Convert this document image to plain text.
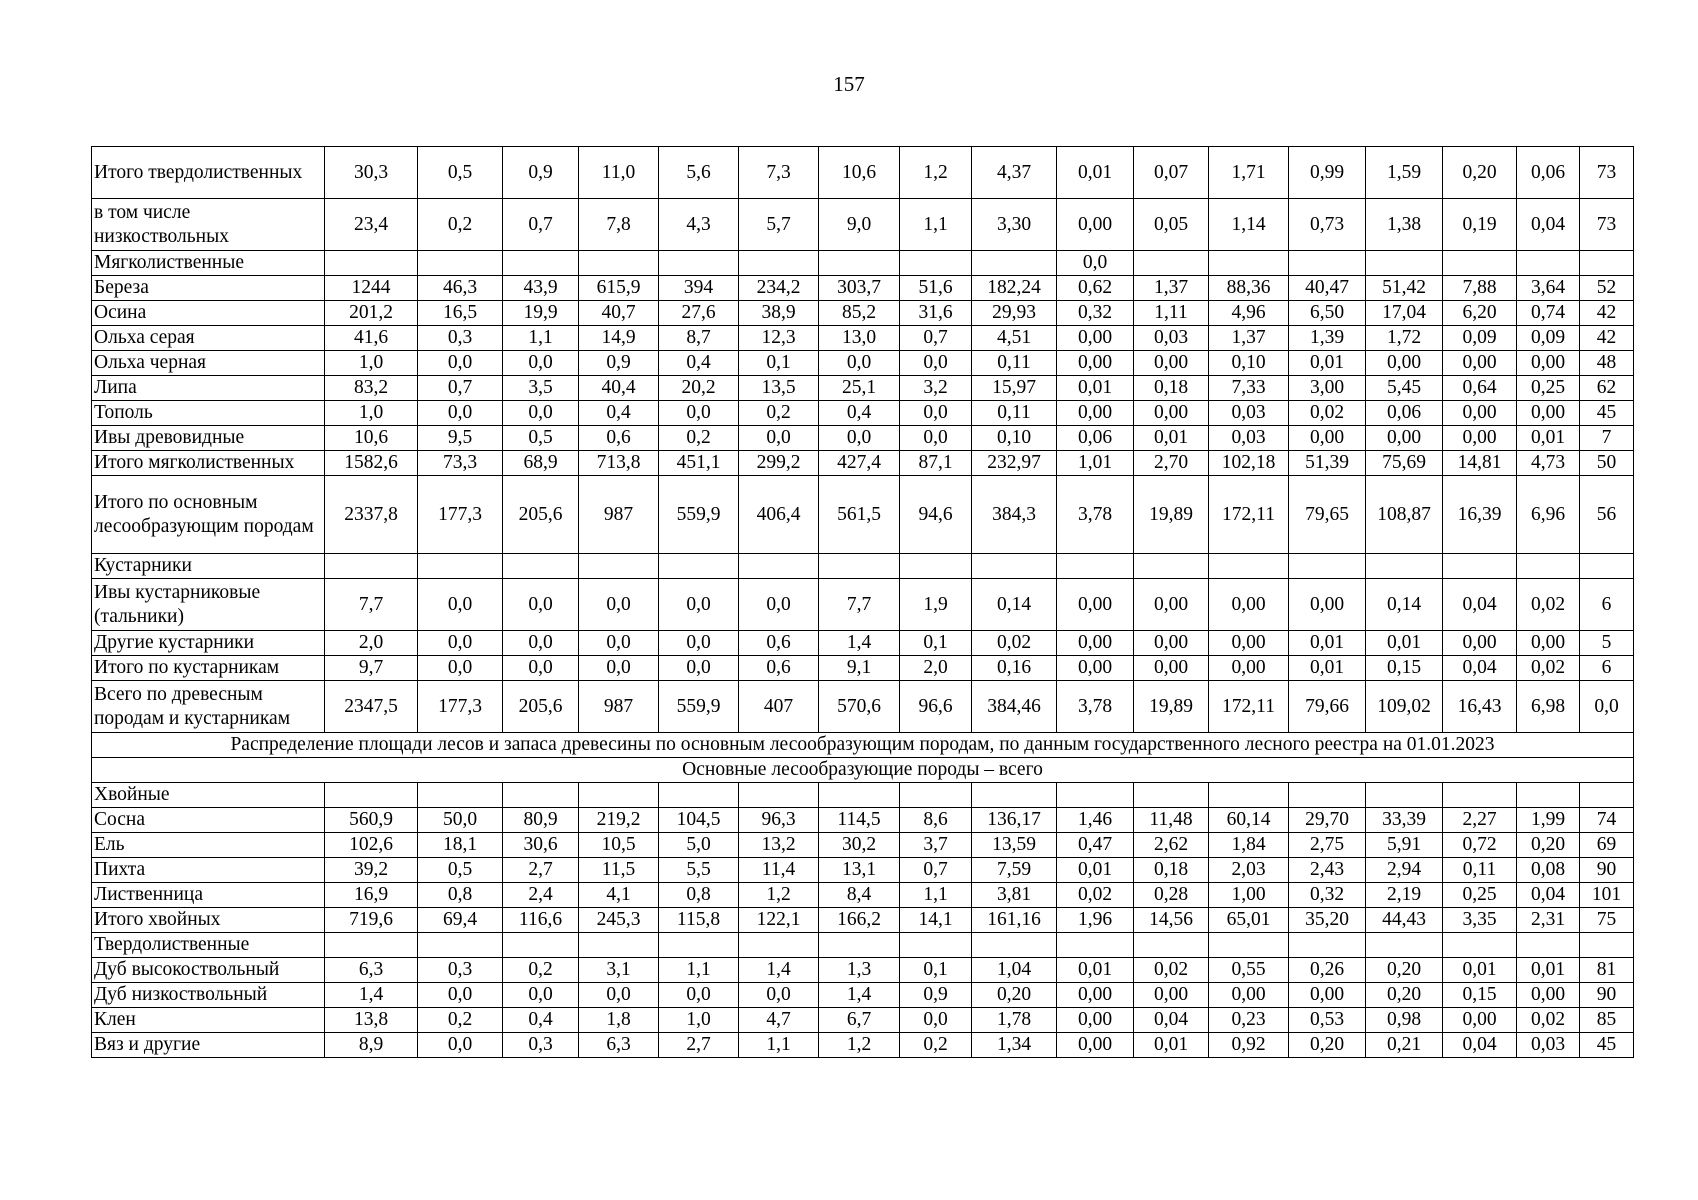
157
Итого твердолиственных	30,3	0,5	0,9	11,0	5,6	7,3	10,6	1,2	4,37	0,01	0,07	1,71	0,99	1,59	0,20	0,06	73
в том числе низкоствольных	23,4	0,2	0,7	7,8	4,3	5,7	9,0	1,1	3,30	0,00	0,05	1,14	0,73	1,38	0,19	0,04	73
Мягколиственные										0,0							
Береза	1244	46,3	43,9	615,9	394	234,2	303,7	51,6	182,24	0,62	1,37	88,36	40,47	51,42	7,88	3,64	52
Осина	201,2	16,5	19,9	40,7	27,6	38,9	85,2	31,6	29,93	0,32	1,11	4,96	6,50	17,04	6,20	0,74	42
Ольха серая	41,6	0,3	1,1	14,9	8,7	12,3	13,0	0,7	4,51	0,00	0,03	1,37	1,39	1,72	0,09	0,09	42
Ольха черная	1,0	0,0	0,0	0,9	0,4	0,1	0,0	0,0	0,11	0,00	0,00	0,10	0,01	0,00	0,00	0,00	48
Липа	83,2	0,7	3,5	40,4	20,2	13,5	25,1	3,2	15,97	0,01	0,18	7,33	3,00	5,45	0,64	0,25	62
Тополь	1,0	0,0	0,0	0,4	0,0	0,2	0,4	0,0	0,11	0,00	0,00	0,03	0,02	0,06	0,00	0,00	45
Ивы древовидные	10,6	9,5	0,5	0,6	0,2	0,0	0,0	0,0	0,10	0,06	0,01	0,03	0,00	0,00	0,00	0,01	7
Итого мягколиственных	1582,6	73,3	68,9	713,8	451,1	299,2	427,4	87,1	232,97	1,01	2,70	102,18	51,39	75,69	14,81	4,73	50
Итого по основным лесообразующим породам	2337,8	177,3	205,6	987	559,9	406,4	561,5	94,6	384,3	3,78	19,89	172,11	79,65	108,87	16,39	6,96	56
Кустарники																	
Ивы кустарниковые (тальники)	7,7	0,0	0,0	0,0	0,0	0,0	7,7	1,9	0,14	0,00	0,00	0,00	0,00	0,14	0,04	0,02	6
Другие кустарники	2,0	0,0	0,0	0,0	0,0	0,6	1,4	0,1	0,02	0,00	0,00	0,00	0,01	0,01	0,00	0,00	5
Итого по кустарникам	9,7	0,0	0,0	0,0	0,0	0,6	9,1	2,0	0,16	0,00	0,00	0,00	0,01	0,15	0,04	0,02	6
Всего по древесным породам и кустарникам	2347,5	177,3	205,6	987	559,9	407	570,6	96,6	384,46	3,78	19,89	172,11	79,66	109,02	16,43	6,98	0,0
Распределение площади лесов и запаса древесины по основным лесообразующим породам, по данным государственного лесного реестра на 01.01.2023																	
Основные лесообразующие породы – всего																	
Хвойные																	
Сосна	560,9	50,0	80,9	219,2	104,5	96,3	114,5	8,6	136,17	1,46	11,48	60,14	29,70	33,39	2,27	1,99	74
Ель	102,6	18,1	30,6	10,5	5,0	13,2	30,2	3,7	13,59	0,47	2,62	1,84	2,75	5,91	0,72	0,20	69
Пихта	39,2	0,5	2,7	11,5	5,5	11,4	13,1	0,7	7,59	0,01	0,18	2,03	2,43	2,94	0,11	0,08	90
Лиственница	16,9	0,8	2,4	4,1	0,8	1,2	8,4	1,1	3,81	0,02	0,28	1,00	0,32	2,19	0,25	0,04	101
Итого хвойных	719,6	69,4	116,6	245,3	115,8	122,1	166,2	14,1	161,16	1,96	14,56	65,01	35,20	44,43	3,35	2,31	75
Твердолиственные																	
Дуб высокоствольный	6,3	0,3	0,2	3,1	1,1	1,4	1,3	0,1	1,04	0,01	0,02	0,55	0,26	0,20	0,01	0,01	81
Дуб низкоствольный	1,4	0,0	0,0	0,0	0,0	0,0	1,4	0,9	0,20	0,00	0,00	0,00	0,00	0,20	0,15	0,00	90
Клен	13,8	0,2	0,4	1,8	1,0	4,7	6,7	0,0	1,78	0,00	0,04	0,23	0,53	0,98	0,00	0,02	85
Вяз и другие	8,9	0,0	0,3	6,3	2,7	1,1	1,2	0,2	1,34	0,00	0,01	0,92	0,20	0,21	0,04	0,03	45
